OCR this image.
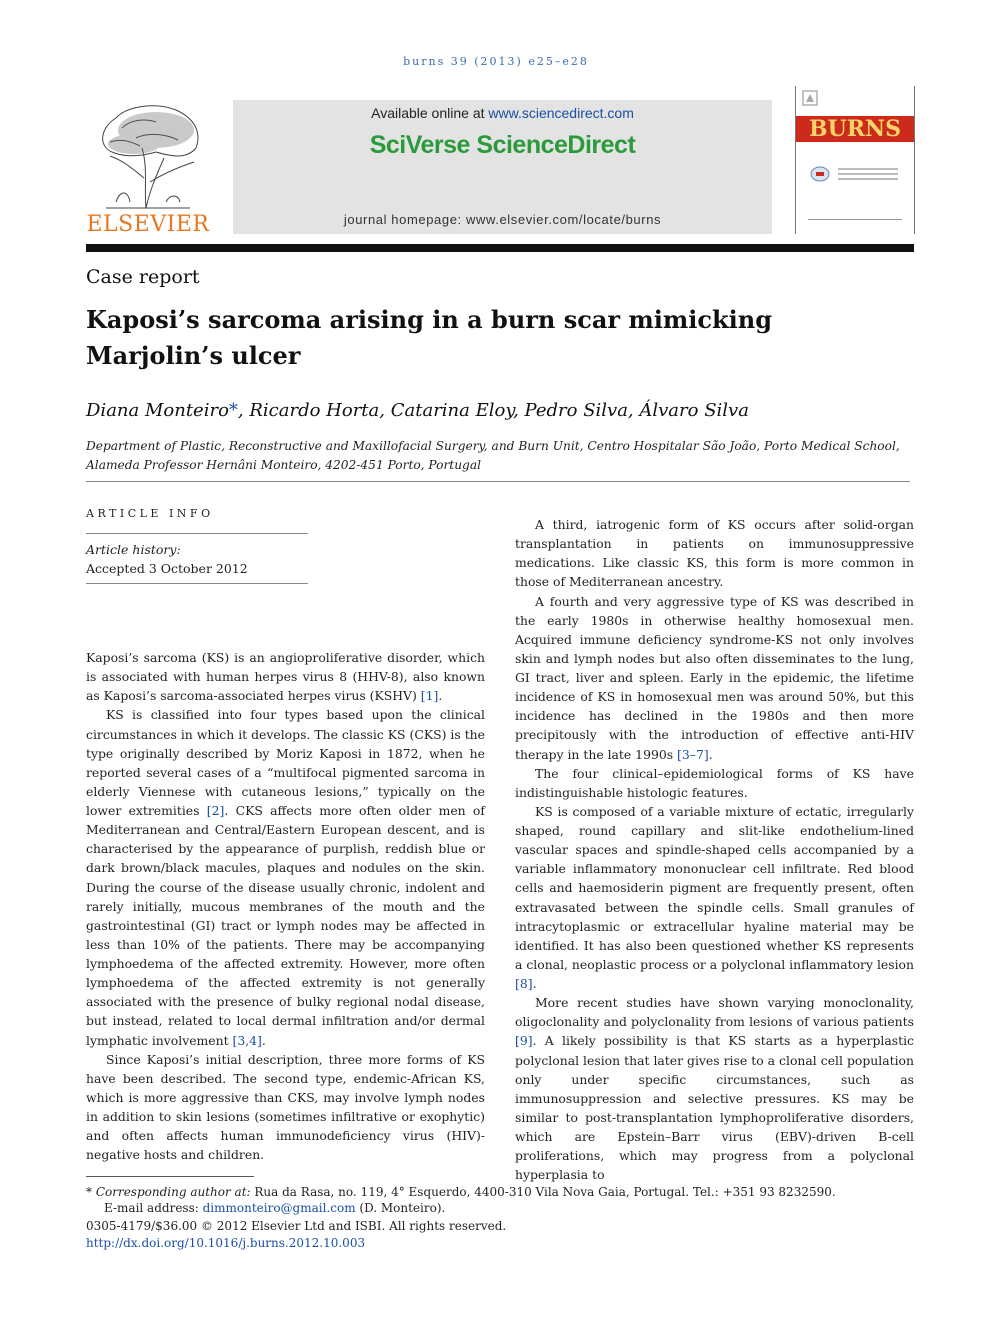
burns 39 (2013) e25–e28
ELSEVIER
Available online at www.sciencedirect.com
SciVerse ScienceDirect
journal homepage: www.elsevier.com/locate/burns
BURNS
Case report
Kaposi’s sarcoma arising in a burn scar mimicking Marjolin’s ulcer
Diana Monteiro*, Ricardo Horta, Catarina Eloy, Pedro Silva, Álvaro Silva
Department of Plastic, Reconstructive and Maxillofacial Surgery, and Burn Unit, Centro Hospitalar São João, Porto Medical School, Alameda Professor Hernâni Monteiro, 4202-451 Porto, Portugal
ARTICLE INFO
Article history:
Accepted 3 October 2012

Kaposi’s sarcoma (KS) is an angioproliferative disorder, which is associated with human herpes virus 8 (HHV-8), also known as Kaposi’s sarcoma-associated herpes virus (KSHV) [1].

KS is classified into four types based upon the clinical circumstances in which it develops. The classic KS (CKS) is the type originally described by Moriz Kaposi in 1872, when he reported several cases of a “multifocal pigmented sarcoma in elderly Viennese with cutaneous lesions,” typically on the lower extremities [2]. CKS affects more often older men of Mediterranean and Central/Eastern European descent, and is characterised by the appearance of purplish, reddish blue or dark brown/black macules, plaques and nodules on the skin. During the course of the disease usually chronic, indolent and rarely initially, mucous membranes of the mouth and the gastrointestinal (GI) tract or lymph nodes may be affected in less than 10% of the patients. There may be accompanying lymphoedema of the affected extremity. However, more often lymphoedema of the affected extremity is not generally associated with the presence of bulky regional nodal disease, but instead, related to local dermal infiltration and/or dermal lymphatic involvement [3,4].

Since Kaposi’s initial description, three more forms of KS have been described. The second type, endemic-African KS, which is more aggressive than CKS, may involve lymph nodes in addition to skin lesions (sometimes infiltrative or exophytic) and often affects human immunodeficiency virus (HIV)-negative hosts and children.

A third, iatrogenic form of KS occurs after solid-organ transplantation in patients on immunosuppressive medications. Like classic KS, this form is more common in those of Mediterranean ancestry.

A fourth and very aggressive type of KS was described in the early 1980s in otherwise healthy homosexual men. Acquired immune deficiency syndrome-KS not only involves skin and lymph nodes but also often disseminates to the lung, GI tract, liver and spleen. Early in the epidemic, the lifetime incidence of KS in homosexual men was around 50%, but this incidence has declined in the 1980s and then more precipitously with the introduction of effective anti-HIV therapy in the late 1990s [3–7].

The four clinical–epidemiological forms of KS have indistinguishable histologic features.

KS is composed of a variable mixture of ectatic, irregularly shaped, round capillary and slit-like endothelium-lined vascular spaces and spindle-shaped cells accompanied by a variable inflammatory mononuclear cell infiltrate. Red blood cells and haemosiderin pigment are frequently present, often extravasated between the spindle cells. Small granules of intracytoplasmic or extracellular hyaline material may be identified. It has also been questioned whether KS represents a clonal, neoplastic process or a polyclonal inflammatory lesion [8].

More recent studies have shown varying monoclonality, oligoclonality and polyclonality from lesions of various patients [9]. A likely possibility is that KS starts as a hyperplastic polyclonal lesion that later gives rise to a clonal cell population only under specific circumstances, such as immunosuppression and selective pressures. KS may be similar to post-transplantation lymphoproliferative disorders, which are Epstein–Barr virus (EBV)-driven B-cell proliferations, which may progress from a polyclonal hyperplasia to

* Corresponding author at: Rua da Rasa, no. 119, 4° Esquerdo, 4400-310 Vila Nova Gaia, Portugal. Tel.: +351 93 8232590.
E-mail address: dimmonteiro@gmail.com (D. Monteiro).
0305-4179/$36.00 © 2012 Elsevier Ltd and ISBI. All rights reserved.
http://dx.doi.org/10.1016/j.burns.2012.10.003
